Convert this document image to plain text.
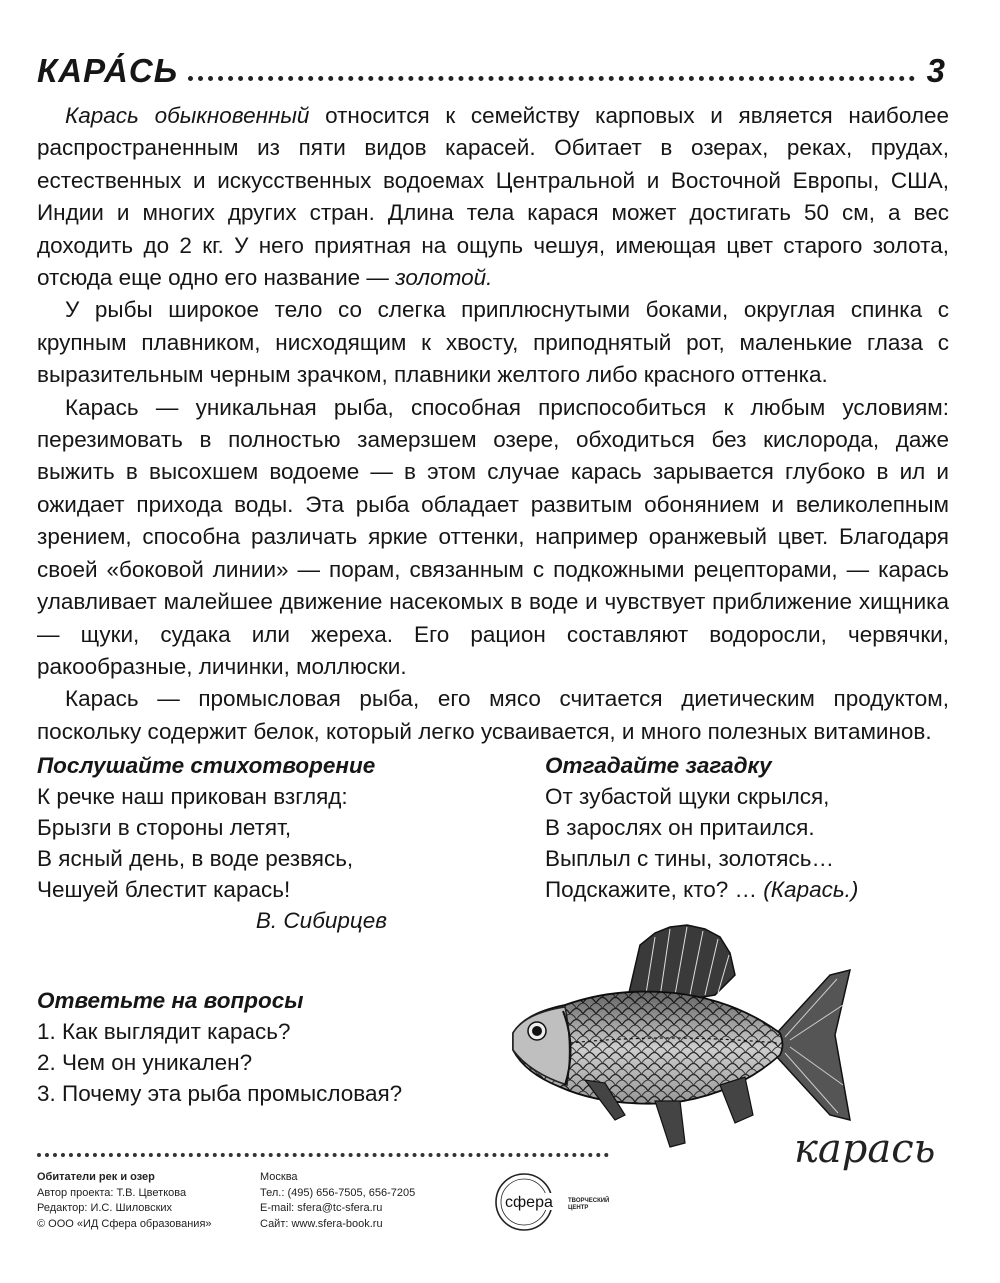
КАРА́СЬ	3

Карась обыкновенный относится к семейству карповых и является наиболее распространенным из пяти видов карасей. Обитает в озерах, реках, прудах, естественных и искусственных водоемах Центральной и Восточной Европы, США, Индии и многих других стран. Длина тела карася может достигать 50 см, а вес доходить до 2 кг. У него приятная на ощупь чешуя, имеющая цвет старого золота, отсюда еще одно его название — золотой.

У рыбы широкое тело со слегка приплюснутыми боками, округлая спинка с крупным плавником, нисходящим к хвосту, приподнятый рот, маленькие глаза с выразительным черным зрачком, плавники желтого либо красного оттенка.

Карась — уникальная рыба, способная приспособиться к любым условиям: перезимовать в полностью замерзшем озере, обходиться без кислорода, даже выжить в высохшем водоеме — в этом случае карась зарывается глубоко в ил и ожидает прихода воды. Эта рыба обладает развитым обонянием и великолепным зрением, способна различать яркие оттенки, например оранжевый цвет. Благодаря своей «боковой линии» — порам, связанным с подкожными рецепторами, — карась улавливает малейшее движение насекомых в воде и чувствует приближение хищника — щуки, судака или жереха. Его рацион составляют водоросли, червячки, ракообразные, личинки, моллюски.

Карась — промысловая рыба, его мясо считается диетическим продуктом, поскольку содержит белок, который легко усваивается, и много полезных витаминов.

Послушайте стихотворение
К речке наш прикован взгляд:
Брызги в стороны летят,
В ясный день, в воде резвясь,
Чешуей блестит карась!
В. Сибирцев
Отгадайте загадку
От зубастой щуки скрылся,
В зарослях он притаился.
Выплыл с тины, золотясь…
Подскажите, кто? … (Карась.)
Ответьте на вопросы
1. Как выглядит карась?
2. Чем он уникален?
3. Почему эта рыба промысловая?
карась
Обитатели рек и озер
Автор проекта: Т.В. Цветкова
Редактор: И.С. Шиловских
© ООО «ИД Сфера образования»
Москва
Тел.: (495) 656-7505, 656-7205
E-mail: sfera@tc-sfera.ru
Сайт: www.sfera-book.ru
сфера	ТВОРЧЕСКИЙ
ЦЕНТР
